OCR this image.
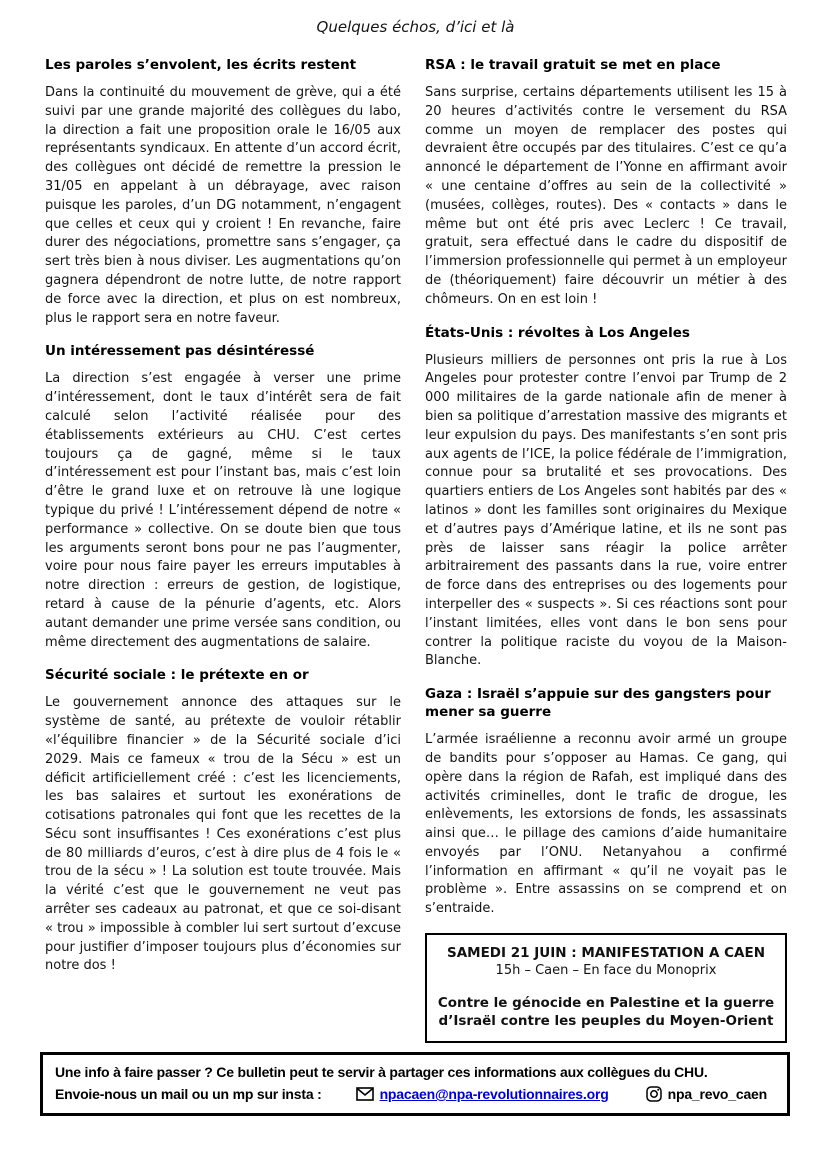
Quelques échos, d’ici et là
Les paroles s’envolent, les écrits restent

Dans la continuité du mouvement de grève, qui a été suivi par une grande majorité des collègues du labo, la direction a fait une proposition orale le 16/05 aux représentants syndicaux. En attente d’un accord écrit, des collègues ont décidé de remettre la pression le 31/05 en appelant à un débrayage, avec raison puisque les paroles, d’un DG notamment, n’engagent que celles et ceux qui y croient ! En revanche, faire durer des négociations, promettre sans s’engager, ça sert très bien à nous diviser. Les augmentations qu’on gagnera dépendront de notre lutte, de notre rapport de force avec la direction, et plus on est nombreux, plus le rapport sera en notre faveur.

Un intéressement pas désintéressé

La direction s’est engagée à verser une prime d’intéressement, dont le taux d’intérêt sera de fait calculé selon l’activité réalisée pour des établissements extérieurs au CHU. C’est certes toujours ça de gagné, même si le taux d’intéressement est pour l’instant bas, mais c’est loin d’être le grand luxe et on retrouve là une logique typique du privé ! L’intéressement dépend de notre « performance » collective. On se doute bien que tous les arguments seront bons pour ne pas l’augmenter, voire pour nous faire payer les erreurs imputables à notre direction : erreurs de gestion, de logistique, retard à cause de la pénurie d’agents, etc. Alors autant demander une prime versée sans condition, ou même directement des augmentations de salaire.

Sécurité sociale : le prétexte en or

Le gouvernement annonce des attaques sur le système de santé, au prétexte de vouloir rétablir «l’équilibre financier » de la Sécurité sociale d’ici 2029. Mais ce fameux « trou de la Sécu » est un déficit artificiellement créé : c’est les licenciements, les bas salaires et surtout les exonérations de cotisations patronales qui font que les recettes de la Sécu sont insuffisantes ! Ces exonérations c’est plus de 80 milliards d’euros, c’est à dire plus de 4 fois le « trou de la sécu » ! La solution est toute trouvée. Mais la vérité c’est que le gouvernement ne veut pas arrêter ses cadeaux au patronat, et que ce soi-disant « trou » impossible à combler lui sert surtout d’excuse pour justifier d’imposer toujours plus d’économies sur notre dos !

RSA : le travail gratuit se met en place

Sans surprise, certains départements utilisent les 15 à 20 heures d’activités contre le versement du RSA comme un moyen de remplacer des postes qui devraient être occupés par des titulaires. C’est ce qu’a annoncé le département de l’Yonne en affirmant avoir « une centaine d’offres au sein de la collectivité » (musées, collèges, routes). Des « contacts » dans le même but ont été pris avec Leclerc ! Ce travail, gratuit, sera effectué dans le cadre du dispositif de l’immersion professionnelle qui permet à un employeur de (théoriquement) faire découvrir un métier à des chômeurs. On en est loin !

États-Unis : révoltes à Los Angeles

Plusieurs milliers de personnes ont pris la rue à Los Angeles pour protester contre l’envoi par Trump de 2 000 militaires de la garde nationale afin de mener à bien sa politique d’arrestation massive des migrants et leur expulsion du pays. Des manifestants s’en sont pris aux agents de l’ICE, la police fédérale de l’immigration, connue pour sa brutalité et ses provocations. Des quartiers entiers de Los Angeles sont habités par des « latinos » dont les familles sont originaires du Mexique et d’autres pays d’Amérique latine, et ils ne sont pas près de laisser sans réagir la police arrêter arbitrairement des passants dans la rue, voire entrer de force dans des entreprises ou des logements pour interpeller des « suspects ». Si ces réactions sont pour l’instant limitées, elles vont dans le bon sens pour contrer la politique raciste du voyou de la Maison-Blanche.

Gaza : Israël s’appuie sur des gangsters pour mener sa guerre

L’armée israélienne a reconnu avoir armé un groupe de bandits pour s’opposer au Hamas. Ce gang, qui opère dans la région de Rafah, est impliqué dans des activités criminelles, dont le trafic de drogue, les enlèvements, les extorsions de fonds, les assassinats ainsi que… le pillage des camions d’aide humanitaire envoyés par l’ONU. Netanyahou a confirmé l’information en affirmant « qu’il ne voyait pas le problème ». Entre assassins on se comprend et on s’entraide.

SAMEDI 21 JUIN : MANIFESTATION A CAEN
15h – Caen – En face du Monoprix
Contre le génocide en Palestine et la guerre d’Israël contre les peuples du Moyen-Orient
Une info à faire passer ? Ce bulletin peut te servir à partager ces informations aux collègues du CHU.
Envoie-nous un mail ou un mp sur insta :	npacaen@npa-revolutionnaires.org	npa_revo_caen
